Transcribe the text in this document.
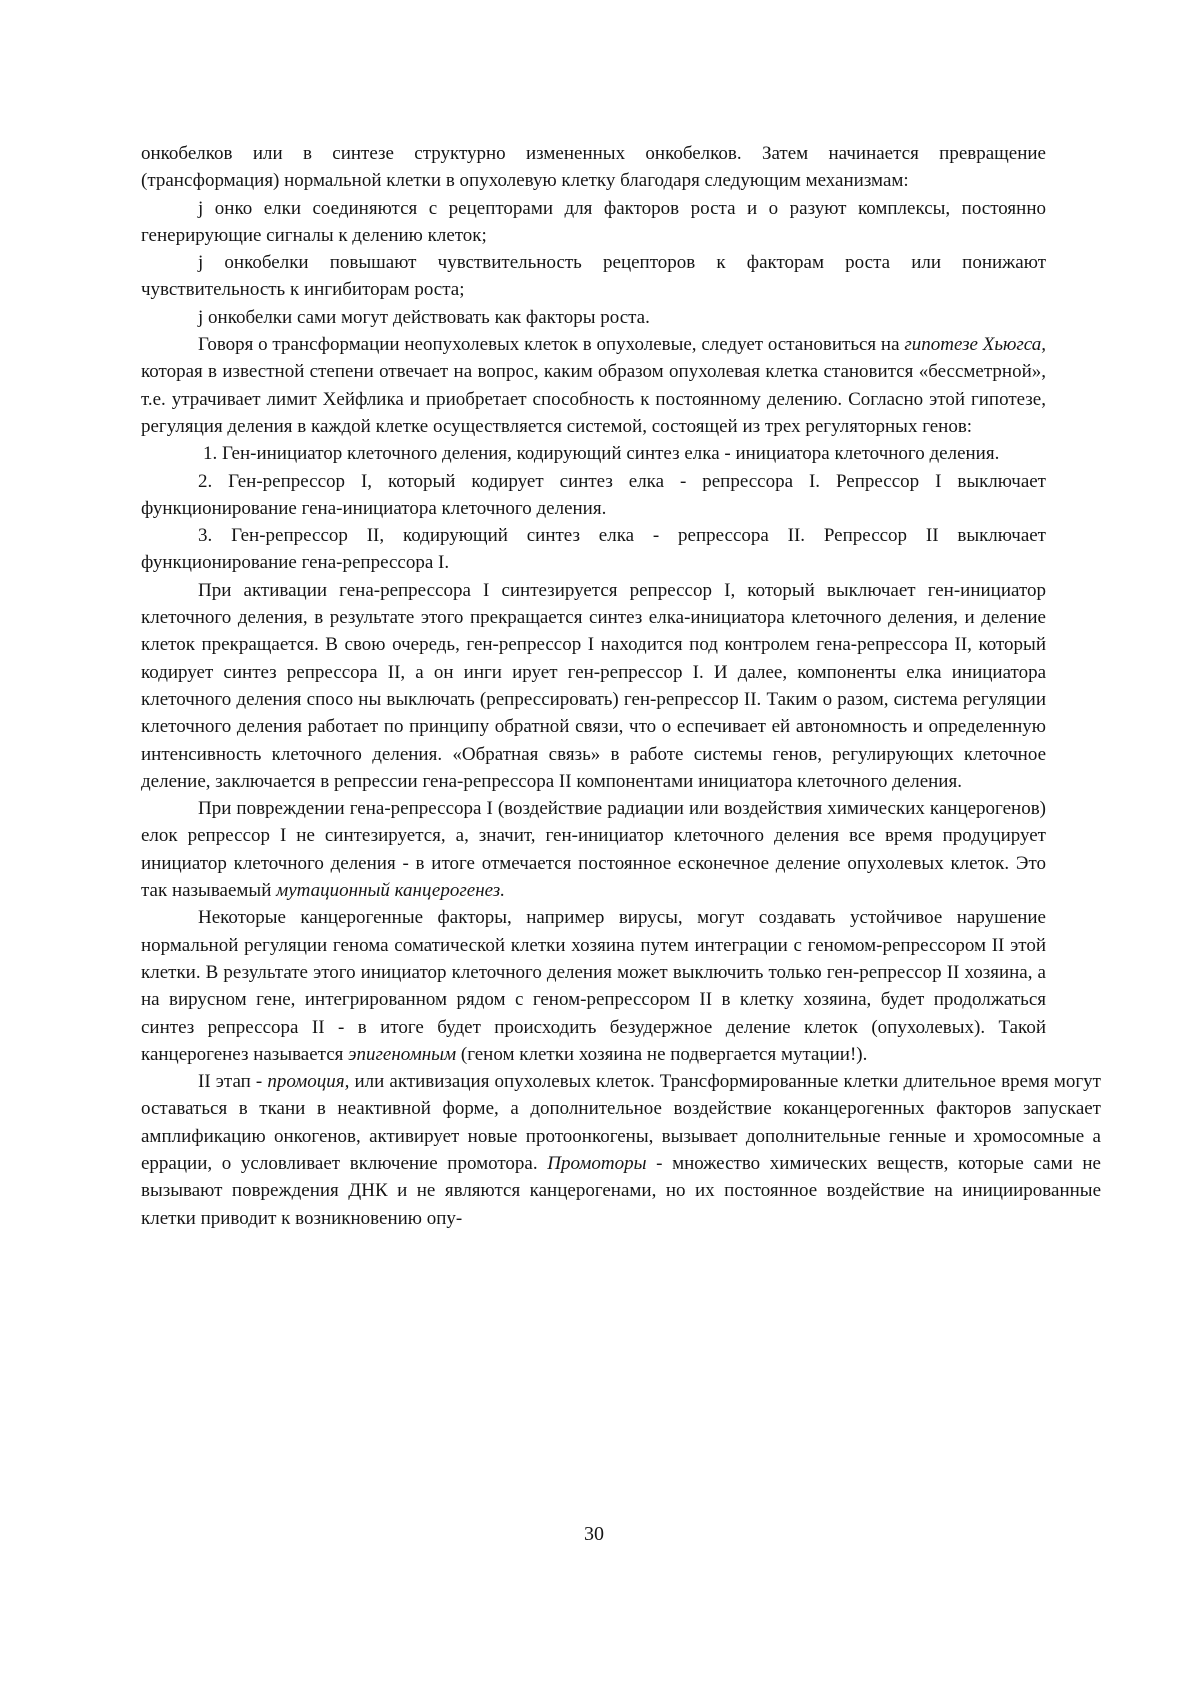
онкобелков или в синтезе структурно измененных онкобелков. Затем начинается превращение (трансформация) нормальной клетки в опухолевую клетку благодаря следующим механизмам:

j онко елки соединяются с рецепторами для факторов роста и о разуют комплексы, постоянно генерирующие сигналы к делению клеток;

j онкобелки повышают чувствительность рецепторов к факторам роста или понижают чувствительность к ингибиторам роста;

j онкобелки сами могут действовать как факторы роста.

Говоря о трансформации неопухолевых клеток в опухолевые, следует остановиться на гипотезе Хьюгса, которая в известной степени отвечает на вопрос, каким образом опухолевая клетка становится «бессметрной», т.е. утрачивает лимит Хейфлика и приобретает способность к постоянному делению. Согласно этой гипотезе, регуляция деления в каждой клетке осуществляется системой, состоящей из трех регуляторных генов:

1. Ген-инициатор клеточного деления, кодирующий синтез елка - инициатора клеточного деления.

2. Ген-репрессор I, который кодирует синтез елка - репрессора I. Репрессор I выключает функционирование гена-инициатора клеточного деления.

3. Ген-репрессор II, кодирующий синтез елка - репрессора II. Репрессор II выключает функционирование гена-репрессора I.

При активации гена-репрессора I синтезируется репрессор I, который выключает ген-инициатор клеточного деления, в результате этого прекращается синтез елка-инициатора клеточного деления, и деление клеток прекращается. В свою очередь, ген-репрессор I находится под контролем гена-репрессора II, который кодирует синтез репрессора II, а он инги ирует ген-репрессор I. И далее, компоненты елка инициатора клеточного деления спосо ны выключать (репрессировать) ген-репрессор II. Таким о разом, система регуляции клеточного деления работает по принципу обратной связи, что о еспечивает ей автономность и определенную интенсивность клеточного деления. «Обратная связь» в работе системы генов, регулирующих клеточное деление, заключается в репрессии гена-репрессора II компонентами инициатора клеточного деления.

При повреждении гена-репрессора I (воздействие радиации или воздействия химических канцерогенов) елок репрессор I не синтезируется, а, значит, ген-инициатор клеточного деления все время продуцирует инициатор клеточного деления - в итоге отмечается постоянное есконечное деление опухолевых клеток. Это так называемый мутационный канцерогенез.

Некоторые канцерогенные факторы, например вирусы, могут создавать устойчивое нарушение нормальной регуляции генома соматической клетки хозяина путем интеграции с геномом-репрессором II этой клетки. В результате этого инициатор клеточного деления может выключить только ген-репрессор II хозяина, а на вирусном гене, интегрированном рядом с геном-репрессором II в клетку хозяина, будет продолжаться синтез репрессора II - в итоге будет происходить безудержное деление клеток (опухолевых). Такой канцерогенез называется эпигеномным (геном клетки хозяина не подвергается мутации!).

II этап - промоция, или активизация опухолевых клеток. Трансформированные клетки длительное время могут оставаться в ткани в неактивной форме, а дополнительное воздействие коканцерогенных факторов запускает амплификацию онкогенов, активирует новые протоонкогены, вызывает дополнительные генные и хромосомные а еррации, о условливает включение промотора. Промоторы - множество химических веществ, которые сами не вызывают повреждения ДНК и не являются канцерогенами, но их постоянное воздействие на инициированные клетки приводит к возникновению опу-

30
